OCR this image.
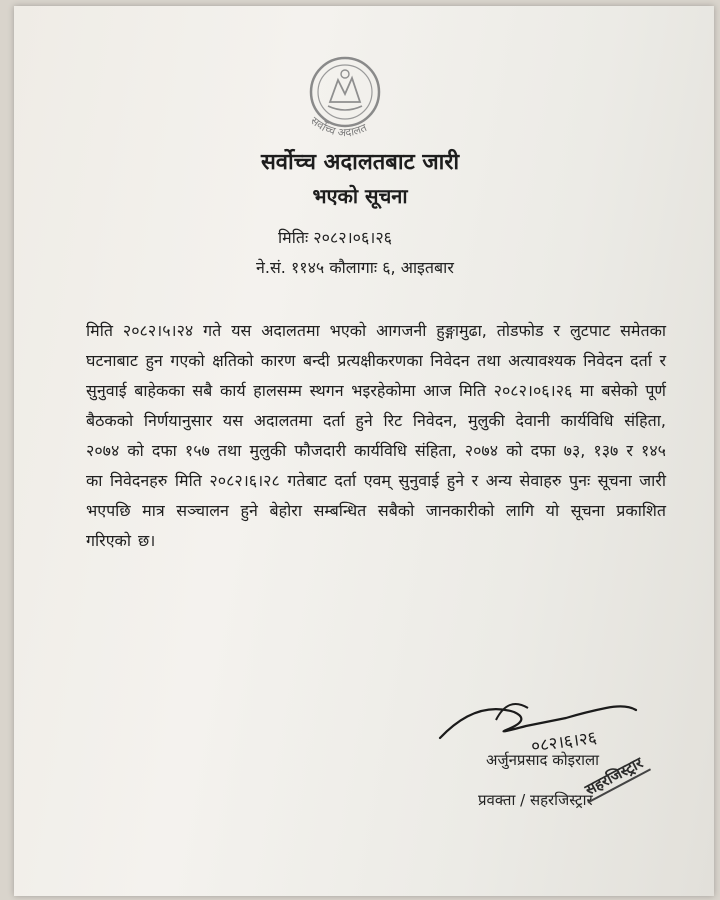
सर्वोच्च अदालत
सर्वोच्च अदालतबाट जारी
भएको सूचना
मितिः २०८२।०६।२६
ने.सं. ११४५ कौलागाः ६, आइतबार
मिति २०८२।५।२४ गते यस अदालतमा भएको आगजनी हुङ्गामुढा, तोडफोड र लुटपाट समेतका घटनाबाट हुन गएको क्षतिको कारण बन्दी प्रत्यक्षीकरणका निवेदन तथा अत्यावश्यक निवेदन दर्ता र सुनुवाई बाहेकका सबै कार्य हालसम्म स्थगन भइरहेकोमा आज मिति २०८२।०६।२६ मा बसेको पूर्ण बैठकको निर्णयानुसार यस अदालतमा दर्ता हुने रिट निवेदन, मुलुकी देवानी कार्यविधि संहिता, २०७४ को दफा १५७ तथा मुलुकी फौजदारी कार्यविधि संहिता, २०७४ को दफा ७३, १३७ र १४५ का निवेदनहरु मिति २०८२।६।२८ गतेबाट दर्ता एवम् सुनुवाई हुने र अन्य सेवाहरु पुनः सूचना जारी भएपछि मात्र सञ्चालन हुने बेहोरा सम्बन्धित सबैको जानकारीको लागि यो सूचना प्रकाशित गरिएको छ।
०८२।६।२६
अर्जुनप्रसाद कोइराला
प्रवक्ता / सहरजिस्ट्रार
सहरजिस्ट्रार
